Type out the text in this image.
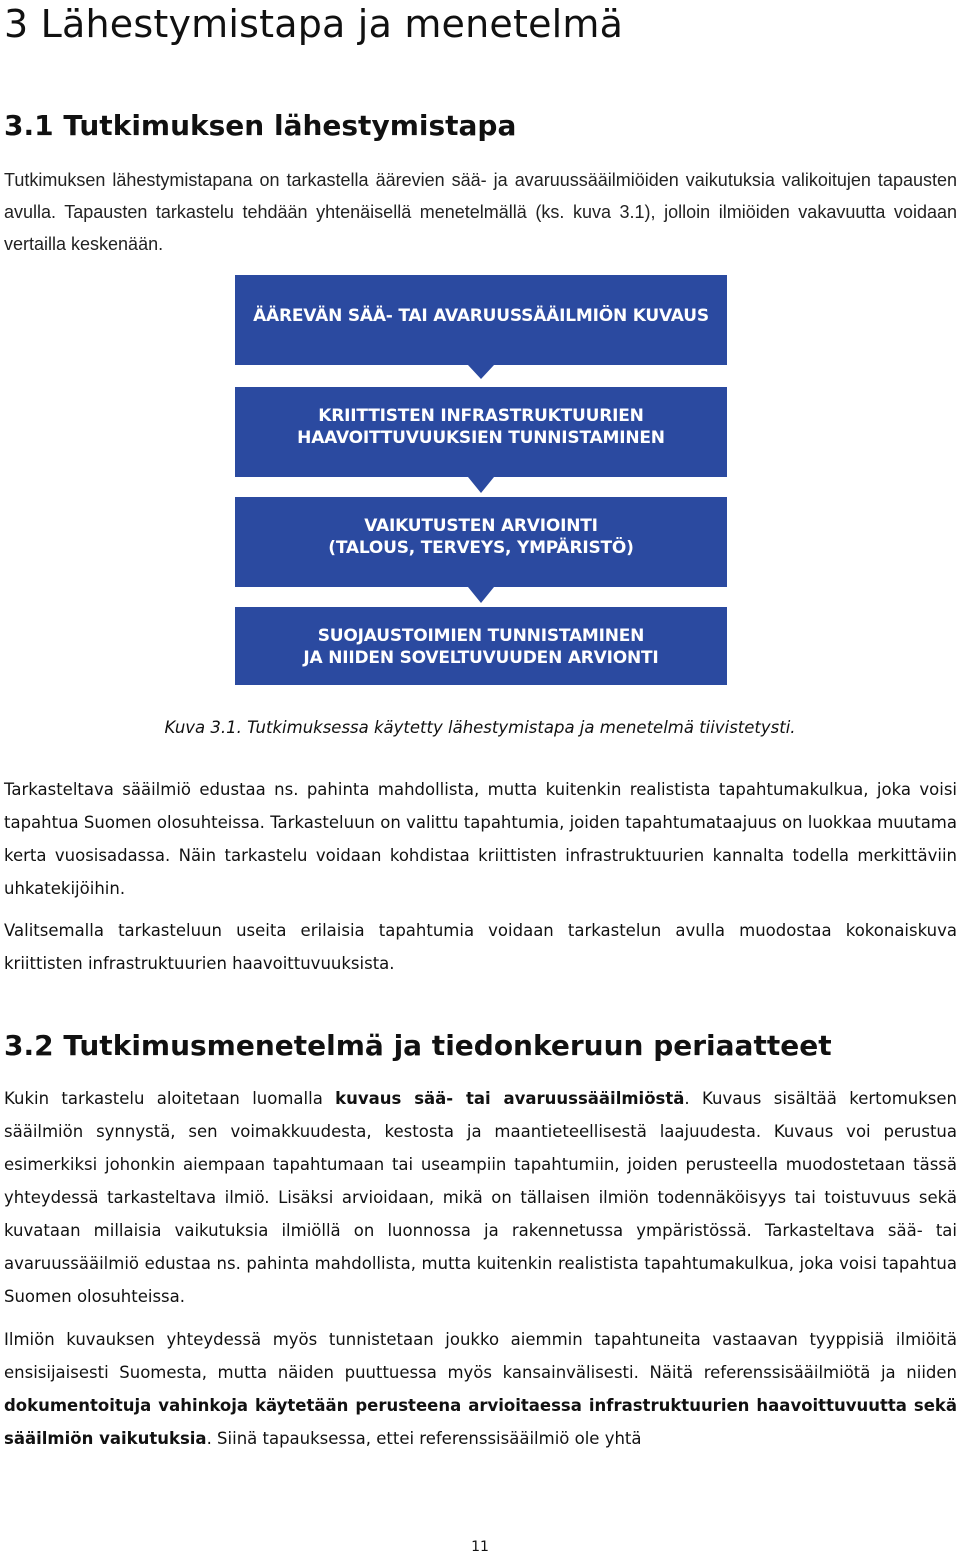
3 Lähestymistapa ja menetelmä
3.1 Tutkimuksen lähestymistapa

Tutkimuksen lähestymistapana on tarkastella äärevien sää- ja avaruussääilmiöiden vaikutuksia valikoitujen tapausten avulla. Tapausten tarkastelu tehdään yhtenäisellä menetelmällä (ks. kuva 3.1), jolloin ilmiöiden vakavuutta voidaan vertailla keskenään.

ÄÄREVÄN SÄÄ- TAI AVARUUSSÄÄILMIÖN KUVAUS
KRIITTISTEN INFRASTRUKTUURIEN
HAAVOITTUVUUKSIEN TUNNISTAMINEN
VAIKUTUSTEN ARVIOINTI
(TALOUS, TERVEYS, YMPÄRISTÖ)
SUOJAUSTOIMIEN TUNNISTAMINEN
JA NIIDEN SOVELTUVUUDEN ARVIONTI
Kuva 3.1. Tutkimuksessa käytetty lähestymistapa ja menetelmä tiivistetysti.

Tarkasteltava sääilmiö edustaa ns. pahinta mahdollista, mutta kuitenkin realistista tapahtumakulkua, joka voisi tapahtua Suomen olosuhteissa. Tarkasteluun on valittu tapahtumia, joiden tapahtumataajuus on luokkaa muutama kerta vuosisadassa. Näin tarkastelu voidaan kohdistaa kriittisten infrastruktuurien kannalta todella merkittäviin uhkatekijöihin.

Valitsemalla tarkasteluun useita erilaisia tapahtumia voidaan tarkastelun avulla muodostaa kokonaiskuva kriittisten infrastruktuurien haavoittuvuuksista.

3.2 Tutkimusmenetelmä ja tiedonkeruun periaatteet

Kukin tarkastelu aloitetaan luomalla kuvaus sää- tai avaruussääilmiöstä. Kuvaus sisältää kertomuksen sääilmiön synnystä, sen voimakkuudesta, kestosta ja maantieteellisestä laajuudesta. Kuvaus voi perustua esimerkiksi johonkin aiempaan tapahtumaan tai useampiin tapahtumiin, joiden perusteella muodostetaan tässä yhteydessä tarkasteltava ilmiö. Lisäksi arvioidaan, mikä on tällaisen ilmiön todennäköisyys tai toistuvuus sekä kuvataan millaisia vaikutuksia ilmiöllä on luonnossa ja rakennetussa ympäristössä. Tarkasteltava sää- tai avaruussääilmiö edustaa ns. pahinta mahdollista, mutta kuitenkin realistista tapahtumakulkua, joka voisi tapahtua Suomen olosuhteissa.

Ilmiön kuvauksen yhteydessä myös tunnistetaan joukko aiemmin tapahtuneita vastaavan tyyppisiä ilmiöitä ensisijaisesti Suomesta, mutta näiden puuttuessa myös kansainvälisesti. Näitä referenssisääilmiötä ja niiden dokumentoituja vahinkoja käytetään perusteena arvioitaessa infrastruktuurien haavoittuvuutta sekä sääilmiön vaikutuksia. Siinä tapauksessa, ettei referenssisääilmiö ole yhtä

11
